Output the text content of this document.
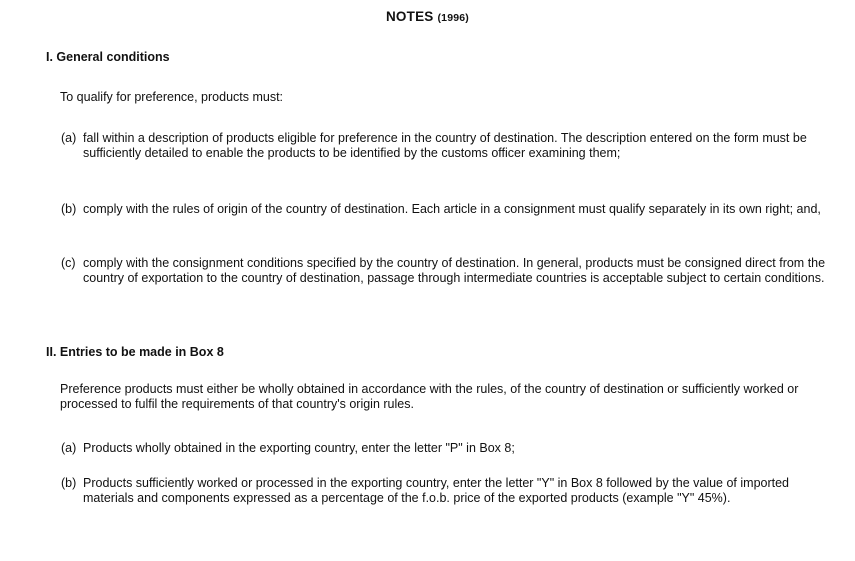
NOTES (1996)
I. General conditions

To qualify for preference, products must:

(a) fall within a description of products eligible for preference in the country of destination. The description entered on the form must be sufficiently detailed to enable the products to be identified by the customs officer examining them;
(b) comply with the rules of origin of the country of destination. Each article in a consignment must qualify separately in its own right; and,
(c) comply with the consignment conditions specified by the country of destination. In general, products must be consigned direct from the country of exportation to the country of destination, passage through intermediate countries is acceptable subject to certain conditions.
II. Entries to be made in Box 8

Preference products must either be wholly obtained in accordance with the rules, of the country of destination or sufficiently worked or processed to fulfil the requirements of that country's origin rules.

(a) Products wholly obtained in the exporting country, enter the letter "P" in Box 8;
(b) Products sufficiently worked or processed in the exporting country, enter the letter "Y" in Box 8 followed by the value of imported materials and components expressed as a percentage of the f.o.b. price of the exported products (example "Y" 45%).
